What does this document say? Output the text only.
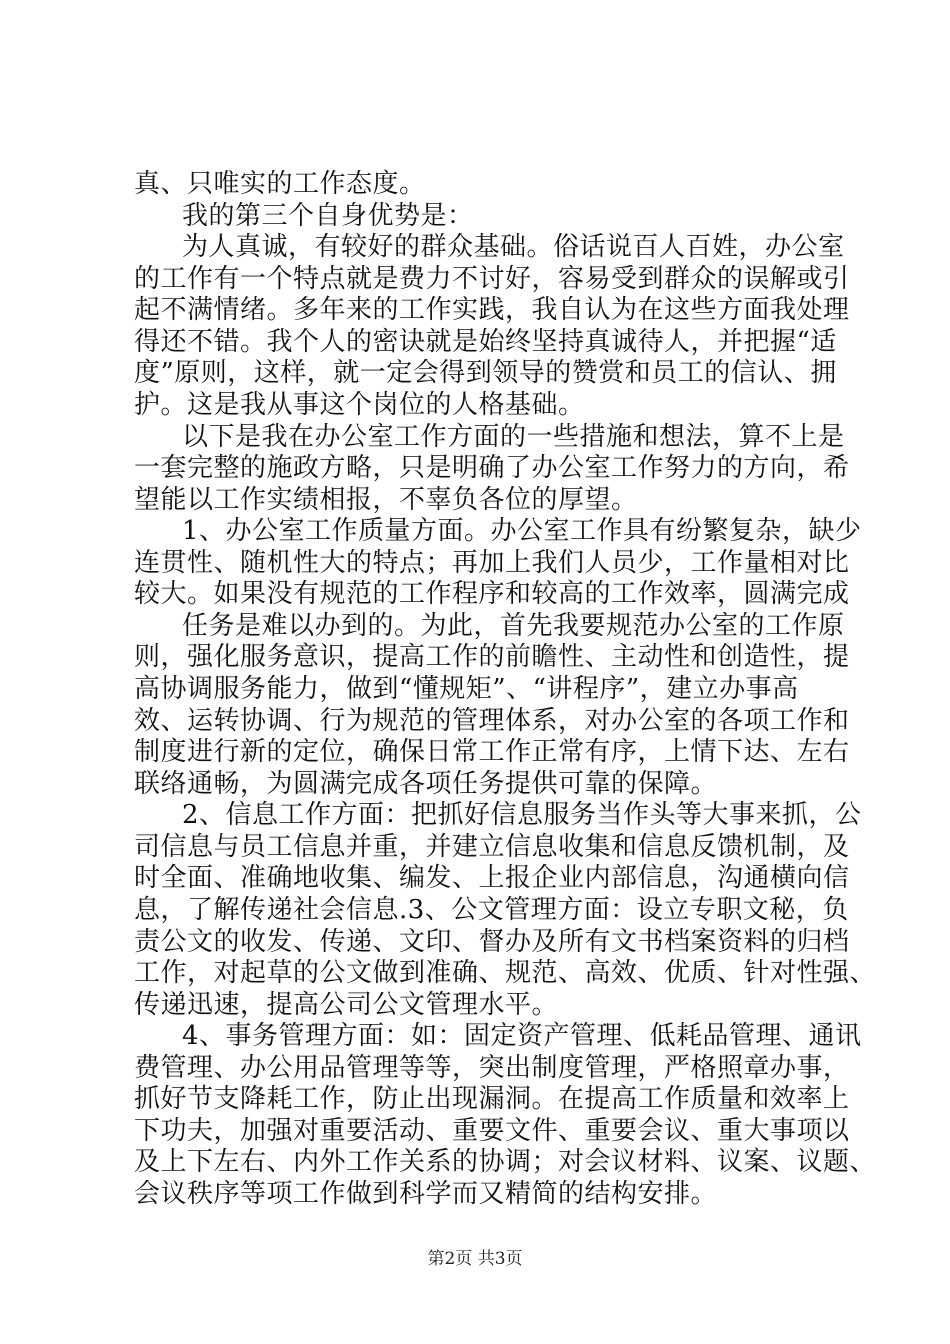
真、只唯实的工作态度。
我的第三个自身优势是：
为人真诚，有较好的群众基础。俗话说百人百姓，办公室
的工作有一个特点就是费力不讨好，容易受到群众的误解或引
起不满情绪。多年来的工作实践，我自认为在这些方面我处理
得还不错。我个人的密诀就是始终坚持真诚待人，并把握“适
度”原则，这样，就一定会得到领导的赞赏和员工的信认、拥
护。这是我从事这个岗位的人格基础。
以下是我在办公室工作方面的一些措施和想法，算不上是
一套完整的施政方略，只是明确了办公室工作努力的方向，希
望能以工作实绩相报，不辜负各位的厚望。
1、办公室工作质量方面。办公室工作具有纷繁复杂，缺少
连贯性、随机性大的特点；再加上我们人员少，工作量相对比
较大。如果没有规范的工作程序和较高的工作效率，圆满完成
任务是难以办到的。为此，首先我要规范办公室的工作原
则，强化服务意识，提高工作的前瞻性、主动性和创造性，提
高协调服务能力，做到“懂规矩”、“讲程序”，建立办事高
效、运转协调、行为规范的管理体系，对办公室的各项工作和
制度进行新的定位，确保日常工作正常有序，上情下达、左右
联络通畅，为圆满完成各项任务提供可靠的保障。
2、信息工作方面：把抓好信息服务当作头等大事来抓，公
司信息与员工信息并重，并建立信息收集和信息反馈机制，及
时全面、准确地收集、编发、上报企业内部信息，沟通横向信
息，了解传递社会信息.3、公文管理方面：设立专职文秘，负
责公文的收发、传递、文印、督办及所有文书档案资料的归档
工作，对起草的公文做到准确、规范、高效、优质、针对性强、
传递迅速，提高公司公文管理水平。
4、事务管理方面：如：固定资产管理、低耗品管理、通讯
费管理、办公用品管理等等，突出制度管理，严格照章办事，
抓好节支降耗工作，防止出现漏洞。在提高工作质量和效率上
下功夫，加强对重要活动、重要文件、重要会议、重大事项以
及上下左右、内外工作关系的协调；对会议材料、议案、议题、
会议秩序等项工作做到科学而又精简的结构安排。
第2页 共3页
